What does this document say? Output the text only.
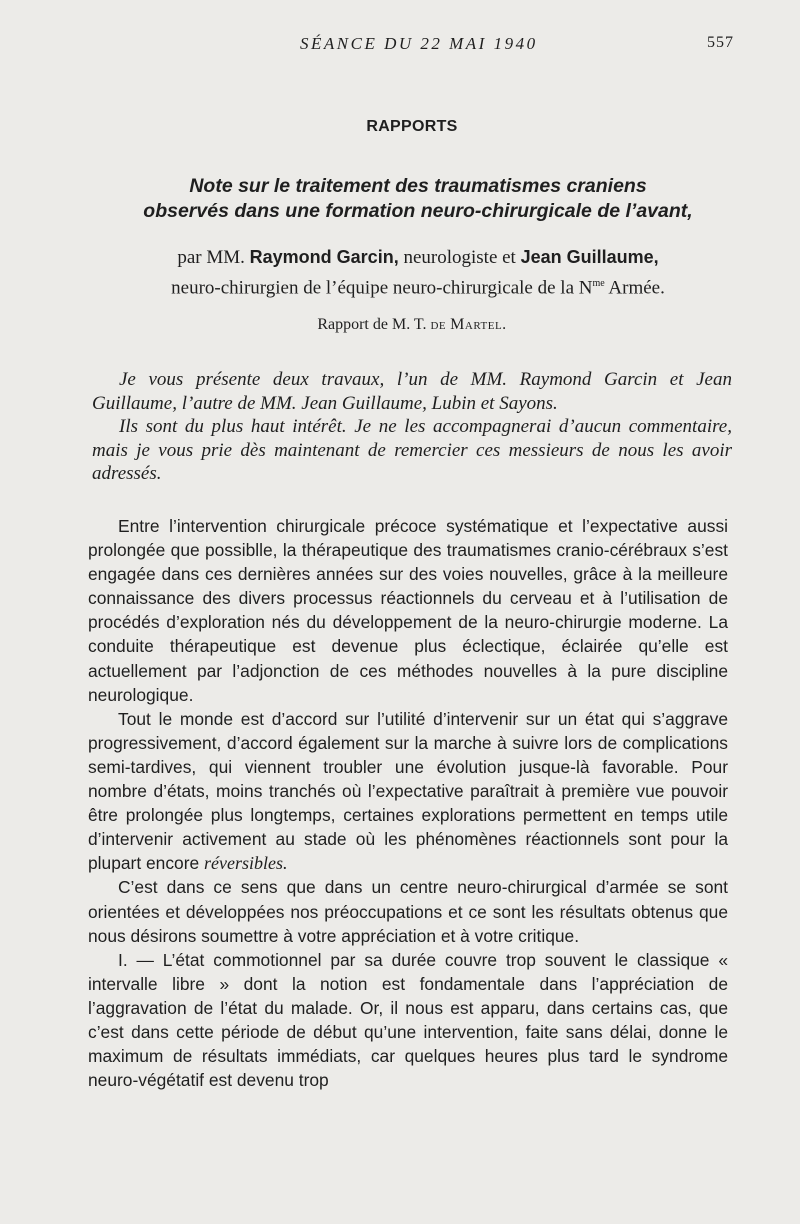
SÉANCE DU 22 MAI 1940	557
RAPPORTS
Note sur le traitement des traumatismes craniens
observés dans une formation neuro-chirurgicale de l’avant,
par MM. Raymond Garcin, neurologiste et Jean Guillaume,
neuro-chirurgien de l’équipe neuro-chirurgicale de la $N^{me}$ Armée.
Rapport de M. T. de Martel.

Je vous présente deux travaux, l’un de MM. Raymond Garcin et Jean Guillaume, l’autre de MM. Jean Guillaume, Lubin et Sayons.

Ils sont du plus haut intérêt. Je ne les accompagnerai d’aucun commentaire, mais je vous prie dès maintenant de remercier ces messieurs de nous les avoir adressés.

Entre l’intervention chirurgicale précoce systématique et l’expectative aussi prolongée que possiblle, la thérapeutique des traumatismes cranio-cérébraux s’est engagée dans ces dernières années sur des voies nouvelles, grâce à la meilleure connaissance des divers processus réactionnels du cerveau et à l’utilisation de procédés d’exploration nés du développement de la neuro-chirurgie moderne. La conduite thérapeutique est devenue plus éclectique, éclairée qu’elle est actuellement par l’adjonction de ces méthodes nouvelles à la pure discipline neurologique.

Tout le monde est d’accord sur l’utilité d’intervenir sur un état qui s’aggrave progressivement, d’accord également sur la marche à suivre lors de complications semi-tardives, qui viennent troubler une évolution jusque-là favorable. Pour nombre d’états, moins tranchés où l’expectative paraîtrait à première vue pouvoir être prolongée plus longtemps, certaines explorations permettent en temps utile d’intervenir activement au stade où les phénomènes réactionnels sont pour la plupart encore réversibles.

C’est dans ce sens que dans un centre neuro-chirurgical d’armée se sont orientées et développées nos préoccupations et ce sont les résultats obtenus que nous désirons soumettre à votre appréciation et à votre critique.

I. — L’état commotionnel par sa durée couvre trop souvent le classique « intervalle libre » dont la notion est fondamentale dans l’appréciation de l’aggravation de l’état du malade. Or, il nous est apparu, dans certains cas, que c’est dans cette période de début qu’une intervention, faite sans délai, donne le maximum de résultats immédiats, car quelques heures plus tard le syndrome neuro-végétatif est devenu trop
